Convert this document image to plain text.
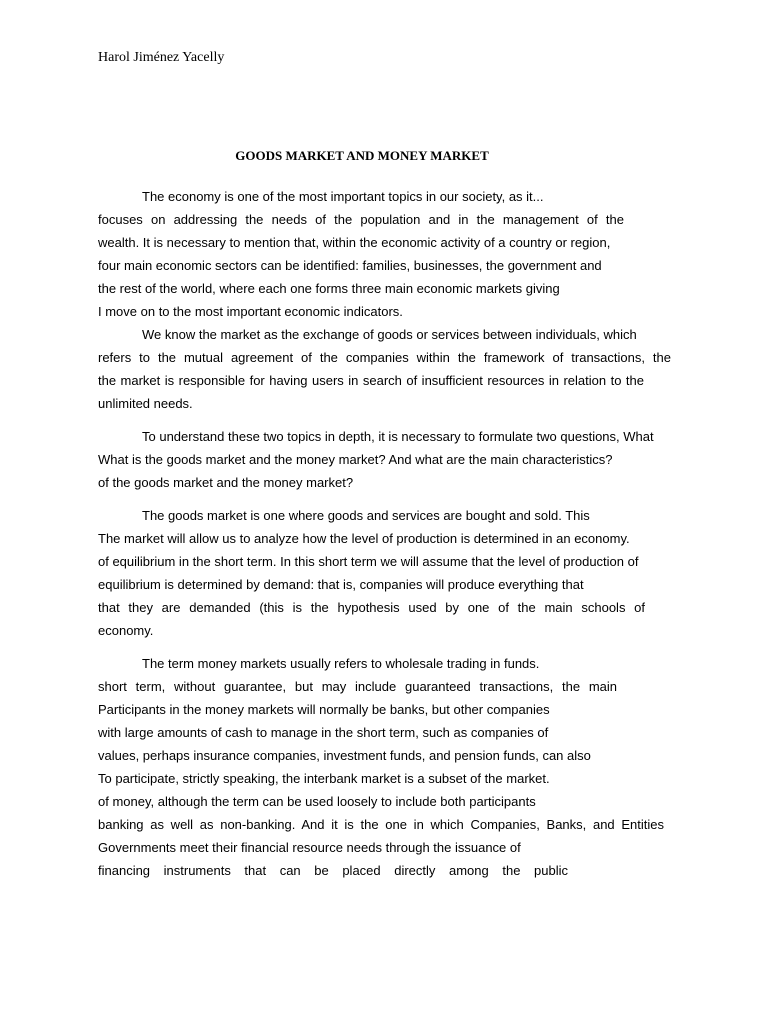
Harol Jiménez Yacelly
GOODS MARKET AND MONEY MARKET
The economy is one of the most important topics in our society, as it...
focuses on addressing the needs of the population and in the management of the
wealth. It is necessary to mention that, within the economic activity of a country or region,
four main economic sectors can be identified: families, businesses, the government and
the rest of the world, where each one forms three main economic markets giving
I move on to the most important economic indicators.
We know the market as the exchange of goods or services between individuals, which
refers to the mutual agreement of the companies within the framework of transactions, the
the market is responsible for having users in search of insufficient resources in relation to the
unlimited needs.
To understand these two topics in depth, it is necessary to formulate two questions, What
What is the goods market and the money market? And what are the main characteristics?
of the goods market and the money market?
The goods market is one where goods and services are bought and sold. This
The market will allow us to analyze how the level of production is determined in an economy.
of equilibrium in the short term. In this short term we will assume that the level of production of
equilibrium is determined by demand: that is, companies will produce everything that
that they are demanded (this is the hypothesis used by one of the main schools of
economy.
The term money markets usually refers to wholesale trading in funds.
short term, without guarantee, but may include guaranteed transactions, the main
Participants in the money markets will normally be banks, but other companies
with large amounts of cash to manage in the short term, such as companies of
values, perhaps insurance companies, investment funds, and pension funds, can also
To participate, strictly speaking, the interbank market is a subset of the market.
of money, although the term can be used loosely to include both participants
banking as well as non-banking. And it is the one in which Companies, Banks, and Entities
Governments meet their financial resource needs through the issuance of
financing instruments that can be placed directly among the public
